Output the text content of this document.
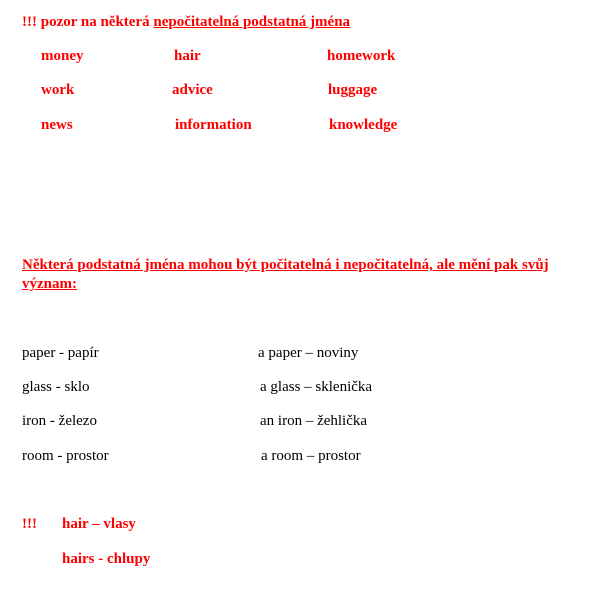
!!! pozor na některá nepočitatelná podstatná jména
money	hair	homework
work	advice	luggage
news	information	knowledge
Některá podstatná jména mohou být počitatelná i nepočitatelná, ale mění pak svůj
význam:
paper - papír	a paper – noviny
glass - sklo	a glass – sklenička
iron - železo	an iron – žehlička
room - prostor	a room – prostor
!!! hair – vlasy
hairs - chlupy
